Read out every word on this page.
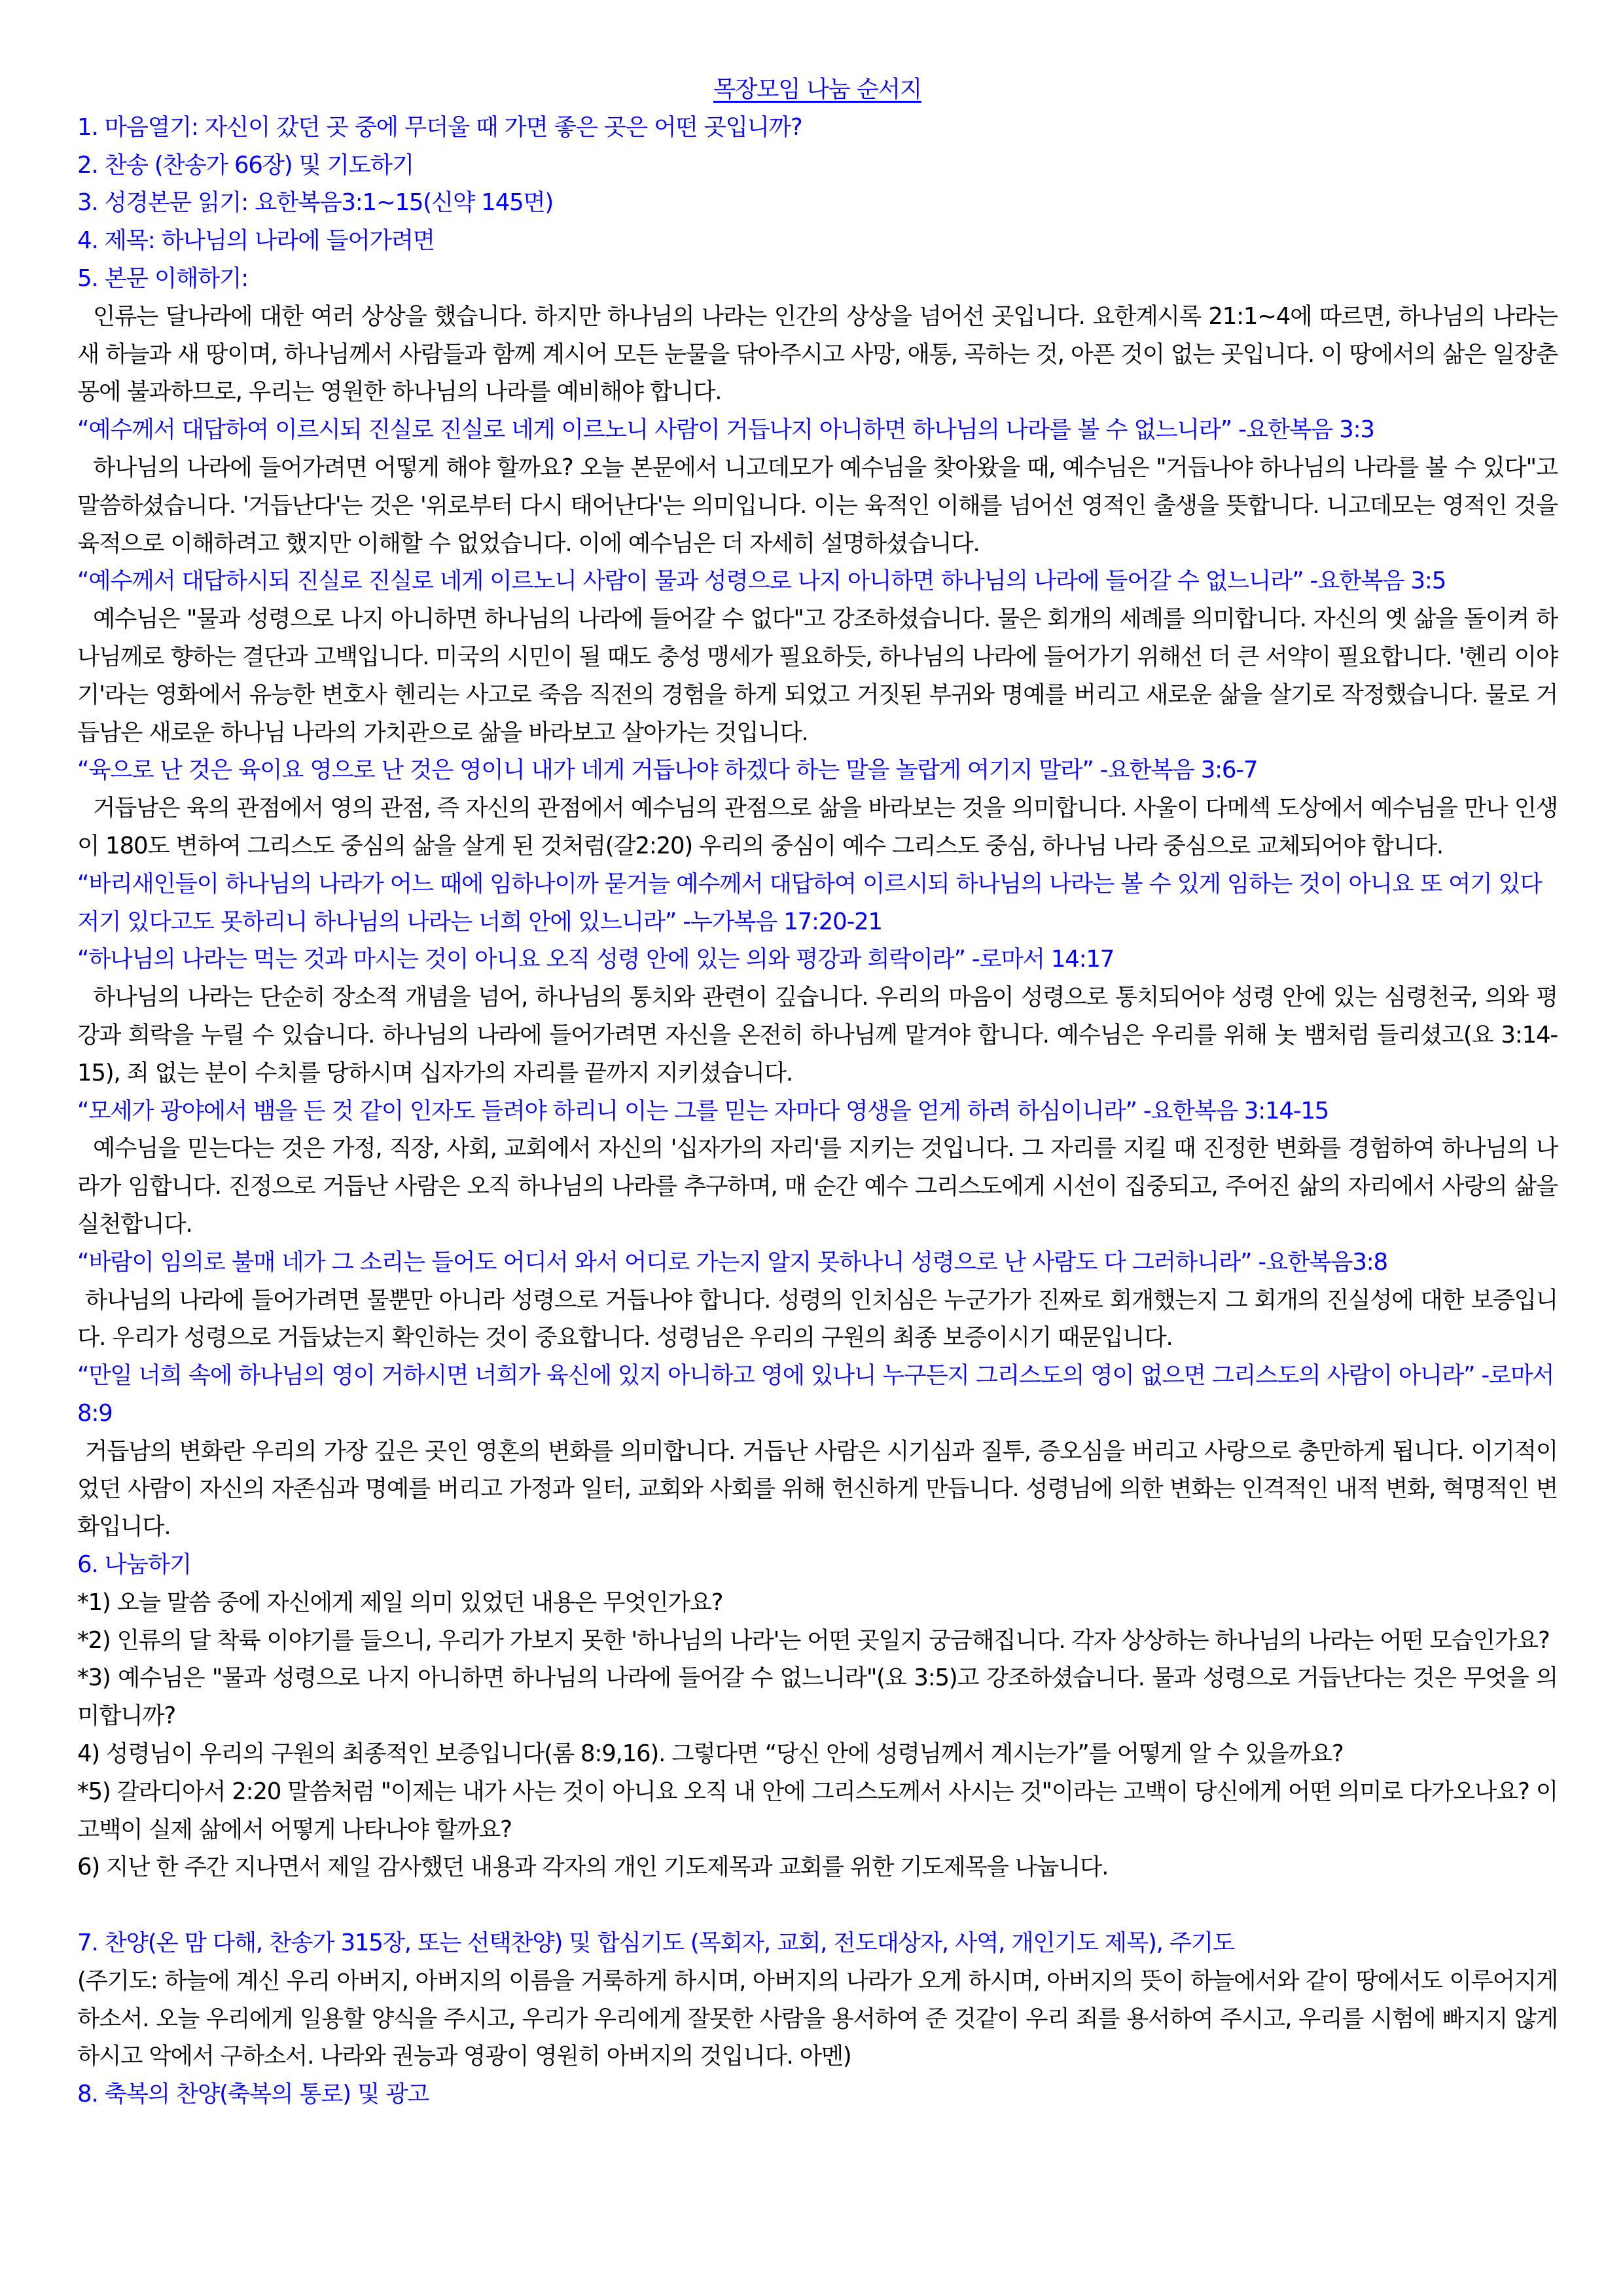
목장모임 나눔 순서지

1. 마음열기: 자신이 갔던 곳 중에 무더울 때 가면 좋은 곳은 어떤 곳입니까?

2. 찬송 (찬송가 66장) 및 기도하기

3. 성경본문 읽기: 요한복음3:1~15(신약 145면)

4. 제목: 하나님의 나라에 들어가려면

5. 본문 이해하기:

인류는 달나라에 대한 여러 상상을 했습니다. 하지만 하나님의 나라는 인간의 상상을 넘어선 곳입니다. 요한계시록 21:1~4에 따르면, 하나님의 나라는 새 하늘과 새 땅이며, 하나님께서 사람들과 함께 계시어 모든 눈물을 닦아주시고 사망, 애통, 곡하는 것, 아픈 것이 없는 곳입니다. 이 땅에서의 삶은 일장춘몽에 불과하므로, 우리는 영원한 하나님의 나라를 예비해야 합니다.

“예수께서 대답하여 이르시되 진실로 진실로 네게 이르노니 사람이 거듭나지 아니하면 하나님의 나라를 볼 수 없느니라” -요한복음 3:3

하나님의 나라에 들어가려면 어떻게 해야 할까요? 오늘 본문에서 니고데모가 예수님을 찾아왔을 때, 예수님은 "거듭나야 하나님의 나라를 볼 수 있다"고 말씀하셨습니다. '거듭난다'는 것은 '위로부터 다시 태어난다'는 의미입니다. 이는 육적인 이해를 넘어선 영적인 출생을 뜻합니다. 니고데모는 영적인 것을 육적으로 이해하려고 했지만 이해할 수 없었습니다. 이에 예수님은 더 자세히 설명하셨습니다.

“예수께서 대답하시되 진실로 진실로 네게 이르노니 사람이 물과 성령으로 나지 아니하면 하나님의 나라에 들어갈 수 없느니라” -요한복음 3:5

예수님은 "물과 성령으로 나지 아니하면 하나님의 나라에 들어갈 수 없다"고 강조하셨습니다. 물은 회개의 세례를 의미합니다. 자신의 옛 삶을 돌이켜 하나님께로 향하는 결단과 고백입니다. 미국의 시민이 될 때도 충성 맹세가 필요하듯, 하나님의 나라에 들어가기 위해선 더 큰 서약이 필요합니다. '헨리 이야기'라는 영화에서 유능한 변호사 헨리는 사고로 죽음 직전의 경험을 하게 되었고 거짓된 부귀와 명예를 버리고 새로운 삶을 살기로 작정했습니다. 물로 거듭남은 새로운 하나님 나라의 가치관으로 삶을 바라보고 살아가는 것입니다.

“육으로 난 것은 육이요 영으로 난 것은 영이니 내가 네게 거듭나야 하겠다 하는 말을 놀랍게 여기지 말라” -요한복음 3:6-7

거듭남은 육의 관점에서 영의 관점, 즉 자신의 관점에서 예수님의 관점으로 삶을 바라보는 것을 의미합니다. 사울이 다메섹 도상에서 예수님을 만나 인생이 180도 변하여 그리스도 중심의 삶을 살게 된 것처럼(갈2:20) 우리의 중심이 예수 그리스도 중심, 하나님 나라 중심으로 교체되어야 합니다.

“바리새인들이 하나님의 나라가 어느 때에 임하나이까 묻거늘 예수께서 대답하여 이르시되 하나님의 나라는 볼 수 있게 임하는 것이 아니요 또 여기 있다 저기 있다고도 못하리니 하나님의 나라는 너희 안에 있느니라” -누가복음 17:20-21

“하나님의 나라는 먹는 것과 마시는 것이 아니요 오직 성령 안에 있는 의와 평강과 희락이라” -로마서 14:17

하나님의 나라는 단순히 장소적 개념을 넘어, 하나님의 통치와 관련이 깊습니다. 우리의 마음이 성령으로 통치되어야 성령 안에 있는 심령천국, 의와 평강과 희락을 누릴 수 있습니다. 하나님의 나라에 들어가려면 자신을 온전히 하나님께 맡겨야 합니다. 예수님은 우리를 위해 놋 뱀처럼 들리셨고(요 3:14-15), 죄 없는 분이 수치를 당하시며 십자가의 자리를 끝까지 지키셨습니다.

“모세가 광야에서 뱀을 든 것 같이 인자도 들려야 하리니 이는 그를 믿는 자마다 영생을 얻게 하려 하심이니라” -요한복음 3:14-15

예수님을 믿는다는 것은 가정, 직장, 사회, 교회에서 자신의 '십자가의 자리'를 지키는 것입니다. 그 자리를 지킬 때 진정한 변화를 경험하여 하나님의 나라가 임합니다. 진정으로 거듭난 사람은 오직 하나님의 나라를 추구하며, 매 순간 예수 그리스도에게 시선이 집중되고, 주어진 삶의 자리에서 사랑의 삶을 실천합니다.

“바람이 임의로 불매 네가 그 소리는 들어도 어디서 와서 어디로 가는지 알지 못하나니 성령으로 난 사람도 다 그러하니라” -요한복음3:8

하나님의 나라에 들어가려면 물뿐만 아니라 성령으로 거듭나야 합니다. 성령의 인치심은 누군가가 진짜로 회개했는지 그 회개의 진실성에 대한 보증입니다. 우리가 성령으로 거듭났는지 확인하는 것이 중요합니다. 성령님은 우리의 구원의 최종 보증이시기 때문입니다.

“만일 너희 속에 하나님의 영이 거하시면 너희가 육신에 있지 아니하고 영에 있나니 누구든지 그리스도의 영이 없으면 그리스도의 사람이 아니라” -로마서 8:9

거듭남의 변화란 우리의 가장 깊은 곳인 영혼의 변화를 의미합니다. 거듭난 사람은 시기심과 질투, 증오심을 버리고 사랑으로 충만하게 됩니다. 이기적이었던 사람이 자신의 자존심과 명예를 버리고 가정과 일터, 교회와 사회를 위해 헌신하게 만듭니다. 성령님에 의한 변화는 인격적인 내적 변화, 혁명적인 변화입니다.

6. 나눔하기

*1) 오늘 말씀 중에 자신에게 제일 의미 있었던 내용은 무엇인가요?

*2) 인류의 달 착륙 이야기를 들으니, 우리가 가보지 못한 '하나님의 나라'는 어떤 곳일지 궁금해집니다. 각자 상상하는 하나님의 나라는 어떤 모습인가요?

*3) 예수님은 "물과 성령으로 나지 아니하면 하나님의 나라에 들어갈 수 없느니라"(요 3:5)고 강조하셨습니다. 물과 성령으로 거듭난다는 것은 무엇을 의미합니까?

4) 성령님이 우리의 구원의 최종적인 보증입니다(롬 8:9,16). 그렇다면 “당신 안에 성령님께서 계시는가”를 어떻게 알 수 있을까요?

*5) 갈라디아서 2:20 말씀처럼 "이제는 내가 사는 것이 아니요 오직 내 안에 그리스도께서 사시는 것"이라는 고백이 당신에게 어떤 의미로 다가오나요? 이 고백이 실제 삶에서 어떻게 나타나야 할까요?

6) 지난 한 주간 지나면서 제일 감사했던 내용과 각자의 개인 기도제목과 교회를 위한 기도제목을 나눕니다.

7. 찬양(온 맘 다해, 찬송가 315장, 또는 선택찬양) 및 합심기도 (목회자, 교회, 전도대상자, 사역, 개인기도 제목), 주기도

(주기도: 하늘에 계신 우리 아버지, 아버지의 이름을 거룩하게 하시며, 아버지의 나라가 오게 하시며, 아버지의 뜻이 하늘에서와 같이 땅에서도 이루어지게 하소서. 오늘 우리에게 일용할 양식을 주시고, 우리가 우리에게 잘못한 사람을 용서하여 준 것같이 우리 죄를 용서하여 주시고, 우리를 시험에 빠지지 않게 하시고 악에서 구하소서. 나라와 권능과 영광이 영원히 아버지의 것입니다. 아멘)

8. 축복의 찬양(축복의 통로) 및 광고
